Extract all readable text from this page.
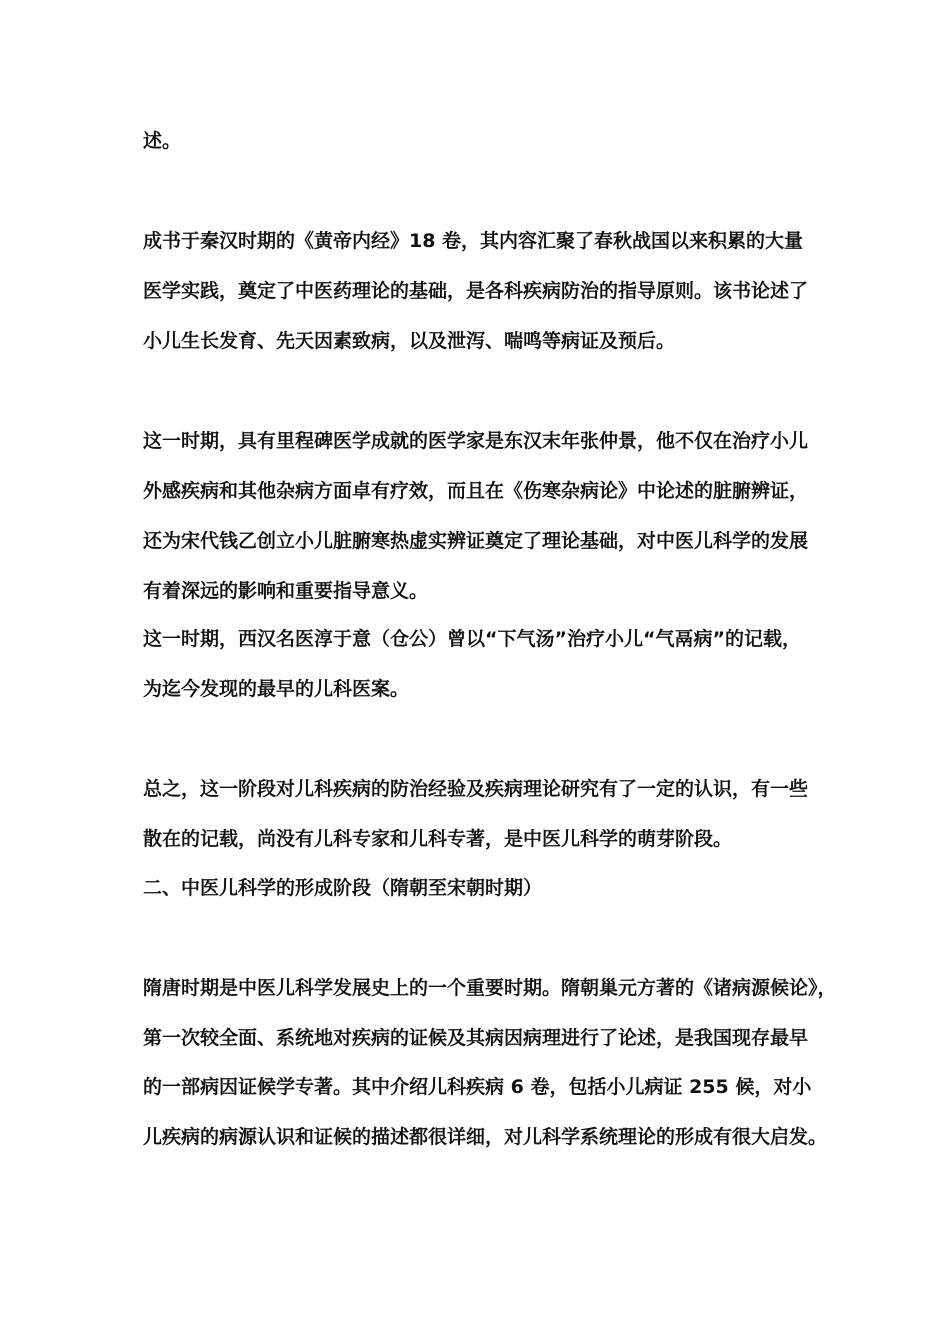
述。
成书于秦汉时期的《黄帝内经》18 卷，其内容汇聚了春秋战国以来积累的大量
医学实践，奠定了中医药理论的基础，是各科疾病防治的指导原则。该书论述了
小儿生长发育、先天因素致病，以及泄泻、喘鸣等病证及预后。
这一时期，具有里程碑医学成就的医学家是东汉末年张仲景，他不仅在治疗小儿
外感疾病和其他杂病方面卓有疗效，而且在《伤寒杂病论》中论述的脏腑辨证，
还为宋代钱乙创立小儿脏腑寒热虚实辨证奠定了理论基础，对中医儿科学的发展
有着深远的影响和重要指导意义。
这一时期，西汉名医淳于意（仓公）曾以“下气汤”治疗小儿“气鬲病”的记载，
为迄今发现的最早的儿科医案。
总之，这一阶段对儿科疾病的防治经验及疾病理论研究有了一定的认识，有一些
散在的记载，尚没有儿科专家和儿科专著，是中医儿科学的萌芽阶段。
二、中医儿科学的形成阶段（隋朝至宋朝时期）
隋唐时期是中医儿科学发展史上的一个重要时期。隋朝巢元方著的《诸病源候论》，
第一次较全面、系统地对疾病的证候及其病因病理进行了论述，是我国现存最早
的一部病因证候学专著。其中介绍儿科疾病 6 卷，包括小儿病证 255 候，对小
儿疾病的病源认识和证候的描述都很详细，对儿科学系统理论的形成有很大启发。
